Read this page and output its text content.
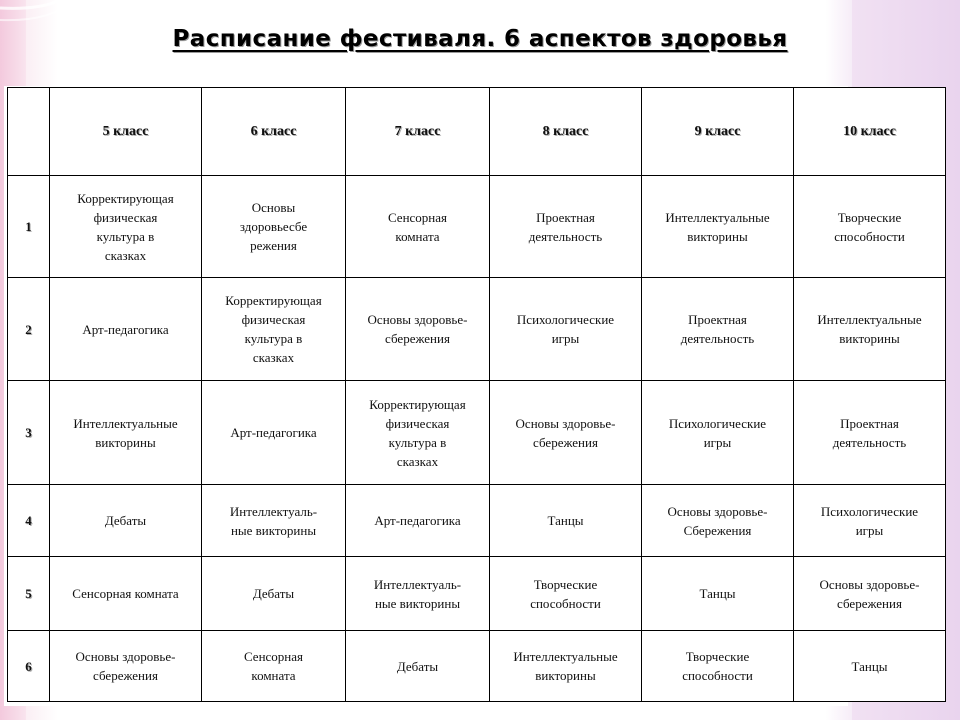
Расписание фестиваля. 6 аспектов здоровья
	5 класс	6 класс	7 класс	8 класс	9 класс	10 класс
1	Корректирующая
физическая
культура в
сказках	Основы
здоровьесбе
режения	Сенсорная
комната	Проектная
деятельность	Интеллектуальные
викторины	Творческие
способности
2	Арт-педагогика	Корректирующая
физическая
культура в
сказках	Основы здоровье-
сбережения	Психологические
игры	Проектная
деятельность	Интеллектуальные
викторины
3	Интеллектуальные
викторины	Арт-педагогика	Корректирующая
физическая
культура в
сказках	Основы здоровье-
сбережения	Психологические
игры	Проектная
деятельность
4	Дебаты	Интеллектуаль-
ные викторины	Арт-педагогика	Танцы	Основы здоровье-
Сбережения	Психологические
игры
5	Сенсорная комната	Дебаты	Интеллектуаль-
ные викторины	Творческие
способности	Танцы	Основы здоровье-
сбережения
6	Основы здоровье-
сбережения	Сенсорная
комната	Дебаты	Интеллектуальные
викторины	Творческие
способности	Танцы
